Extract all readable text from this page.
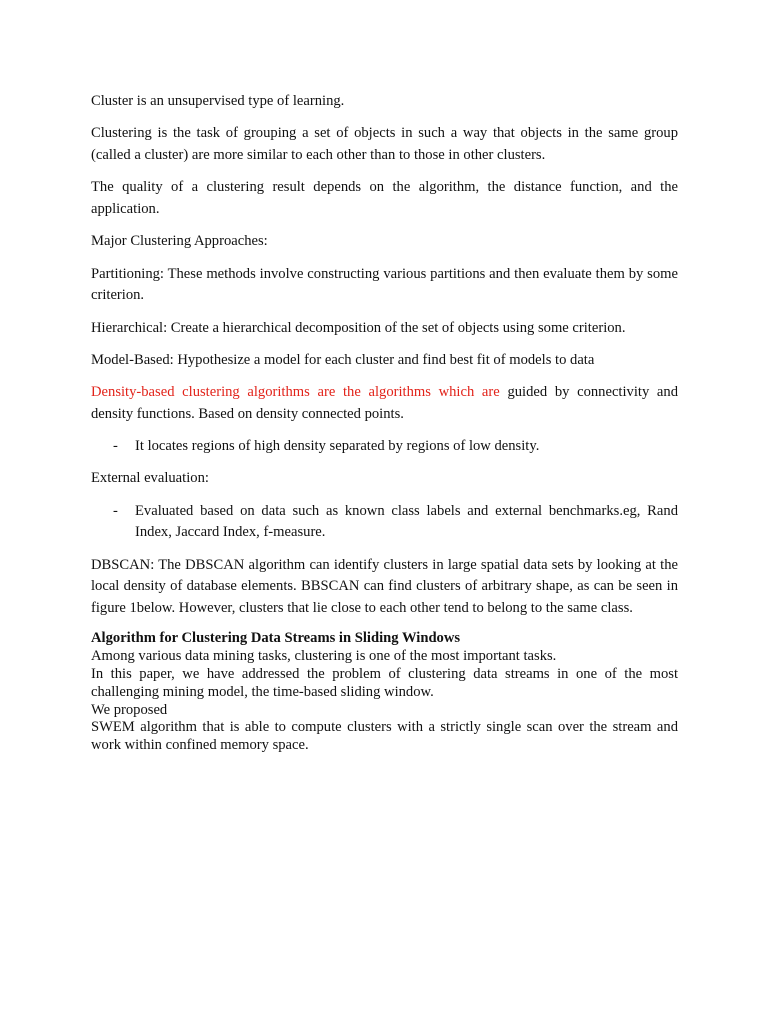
Cluster is an unsupervised type of learning.

Clustering is the task of grouping a set of objects in such a way that objects in the same group (called a cluster) are more similar to each other than to those in other clusters.

The quality of a clustering result depends on the algorithm, the distance function, and the application.

Major Clustering Approaches:

Partitioning: These methods involve constructing various partitions and then evaluate them by some criterion.

Hierarchical: Create a hierarchical decomposition of the set of objects using some criterion.

Model-Based: Hypothesize a model for each cluster and find best fit of models to data

Density-based clustering algorithms are the algorithms which are guided by connectivity and density functions. Based on density connected points.

- It locates regions of high density separated by regions of low density.

External evaluation:

- Evaluated based on data such as known class labels and external benchmarks.eg, Rand Index, Jaccard Index, f-measure.

DBSCAN: The DBSCAN algorithm can identify clusters in large spatial data sets by looking at the local density of database elements. BBSCAN can find clusters of arbitrary shape, as can be seen in figure 1below. However, clusters that lie close to each other tend to belong to the same class.

Algorithm for Clustering Data Streams in Sliding Windows

Among various data mining tasks, clustering is one of the most important tasks.

In this paper, we have addressed the problem of clustering data streams in one of the most challenging mining model, the time-based sliding window.

We proposed

SWEM algorithm that is able to compute clusters with a strictly single scan over the stream and work within confined memory space.
